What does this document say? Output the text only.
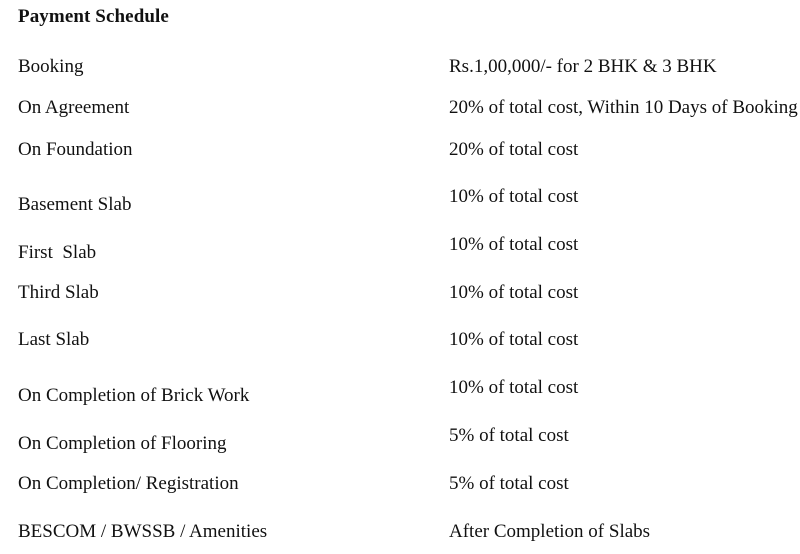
Payment Schedule
Booking	Rs.1,00,000/- for 2 BHK & 3 BHK
On Agreement	20% of total cost, Within 10 Days of Booking
On Foundation	20% of total cost
Basement Slab	10% of total cost
First  Slab	10% of total cost
Third Slab	10% of total cost
Last Slab	10% of total cost
On Completion of Brick Work	10% of total cost
On Completion of Flooring	5% of total cost
On Completion/ Registration	5% of total cost
BESCOM / BWSSB / Amenities	After Completion of Slabs
